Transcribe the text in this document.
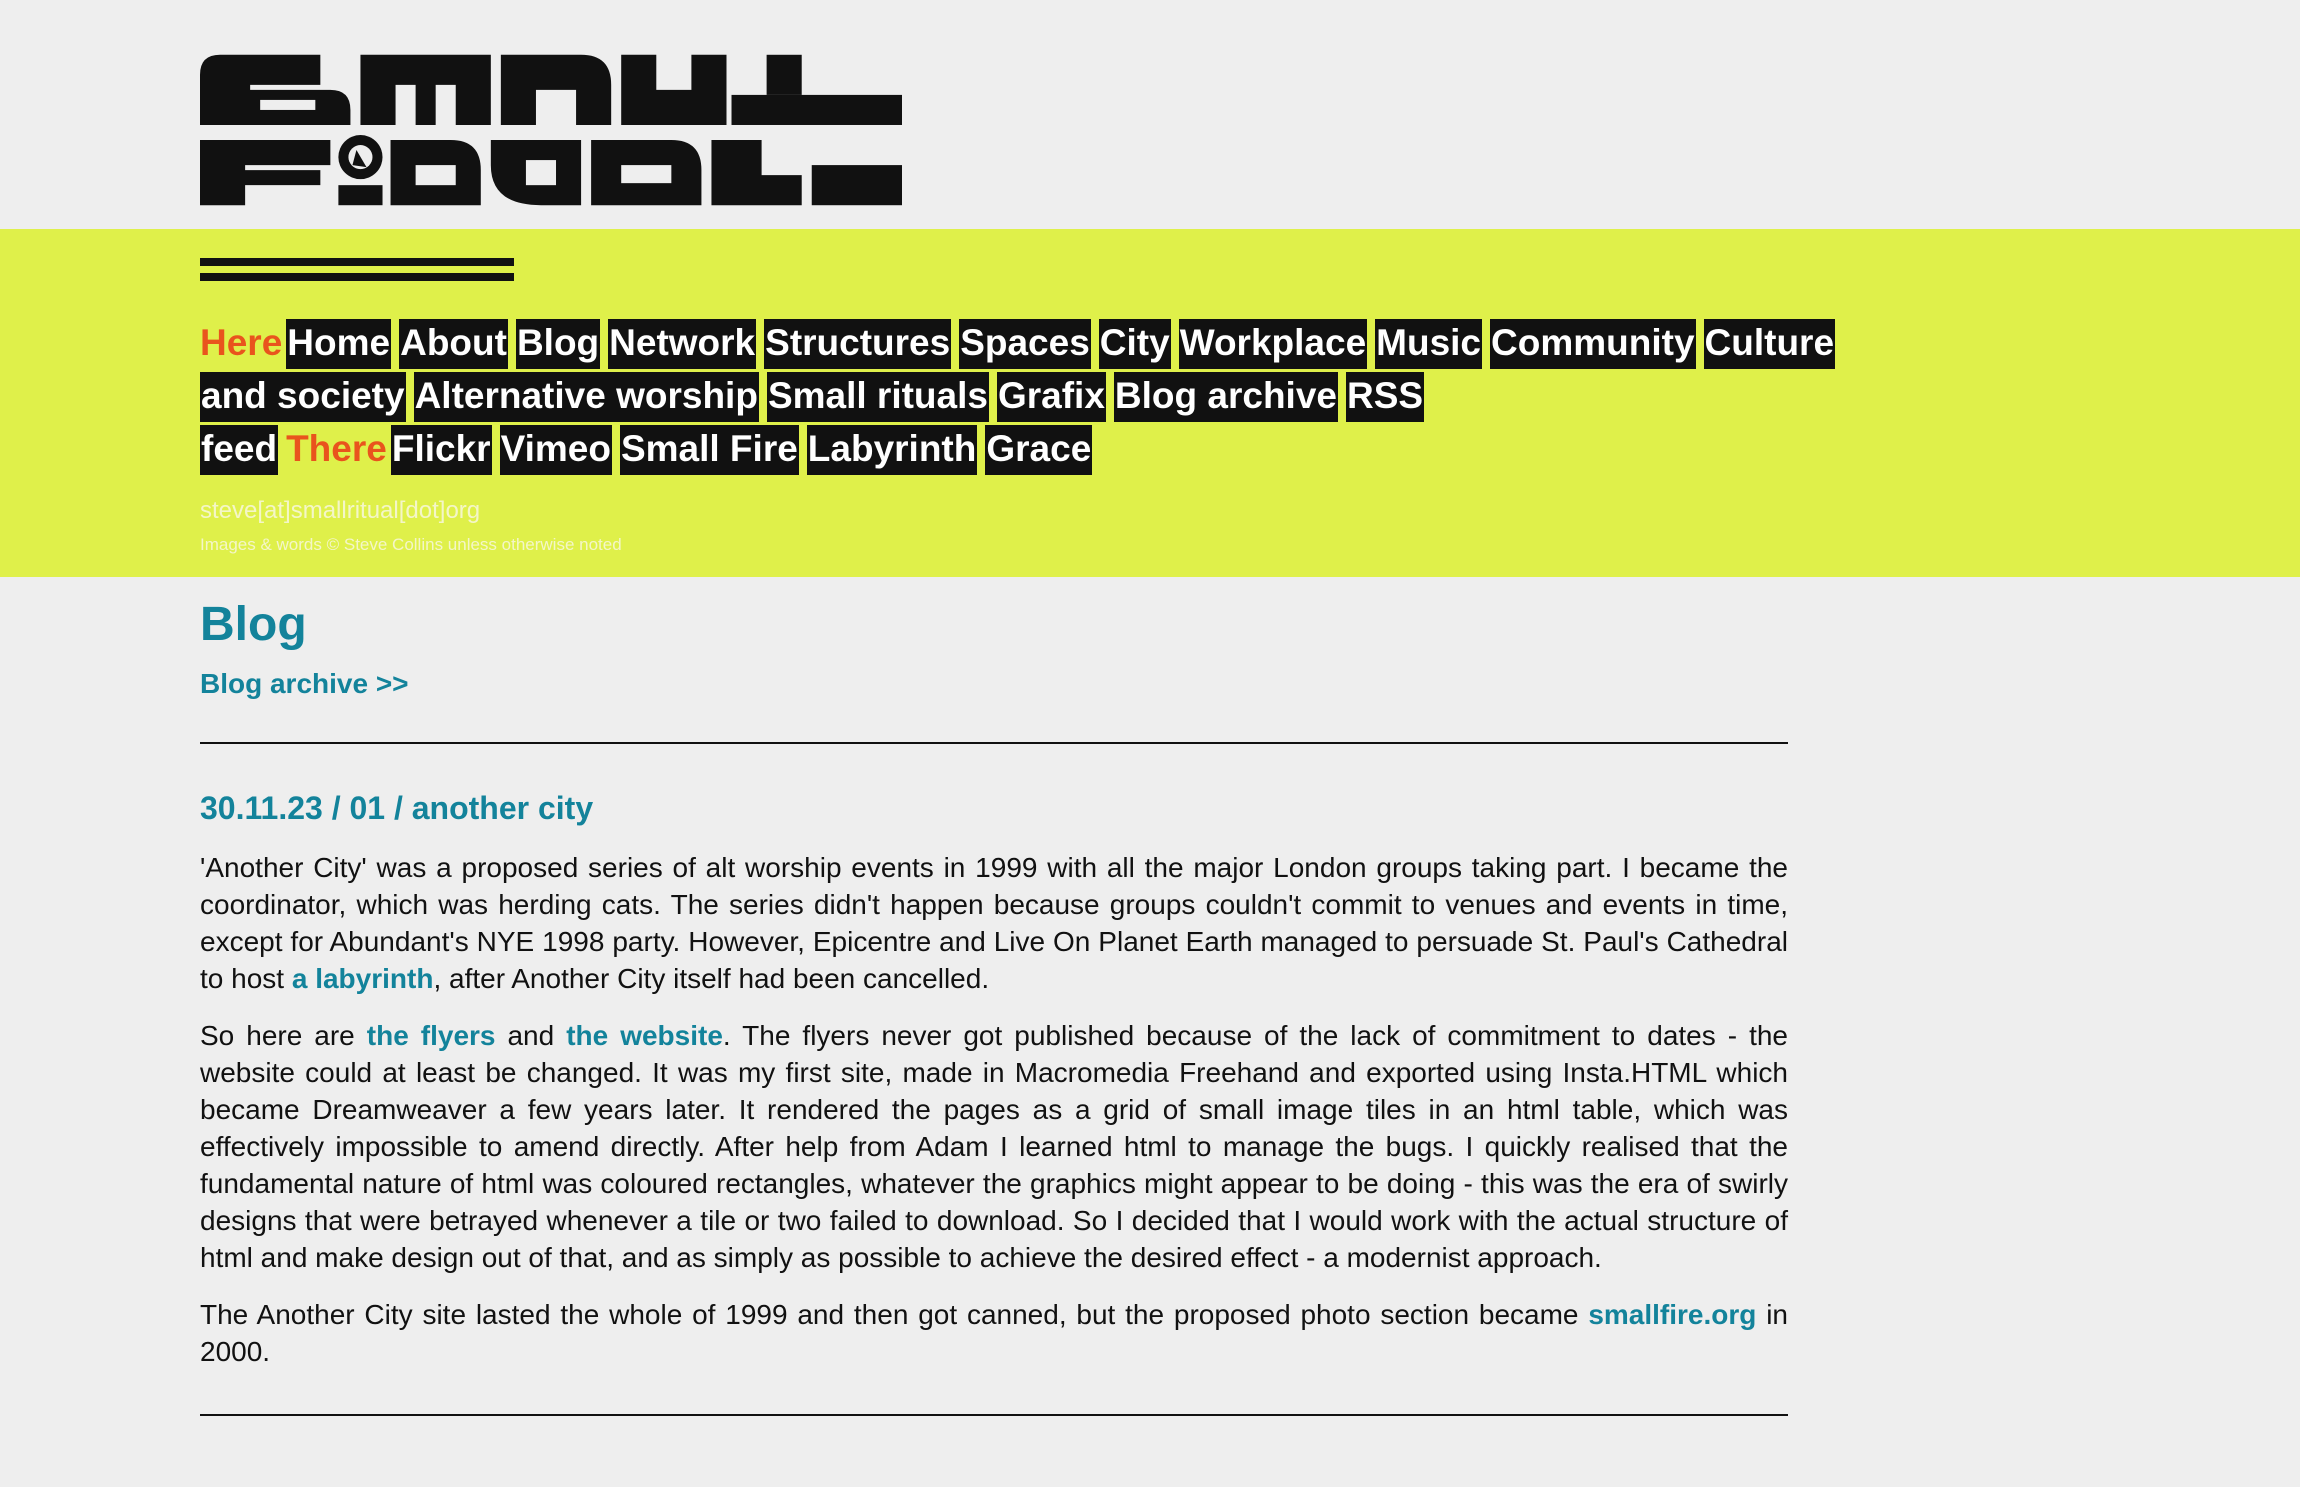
Here Home About Blog Network Structures Spaces City Workplace Music Community Culture and society Alternative worship Small rituals Grafix Blog archive RSS feed There Flickr Vimeo Small Fire Labyrinth Grace
steve[at]smallritual[dot]org
Images & words © Steve Collins unless otherwise noted
Blog
Blog archive >>
30.11.23 / 01 / another city

'Another City' was a proposed series of alt worship events in 1999 with all the major London groups taking part. I became the coordinator, which was herding cats. The series didn't happen because groups couldn't commit to venues and events in time, except for Abundant's NYE 1998 party. However, Epicentre and Live On Planet Earth managed to persuade St. Paul's Cathedral to host a labyrinth, after Another City itself had been cancelled.

So here are the flyers and the website. The flyers never got published because of the lack of commitment to dates - the website could at least be changed. It was my first site, made in Macromedia Freehand and exported using Insta.HTML which became Dreamweaver a few years later. It rendered the pages as a grid of small image tiles in an html table, which was effectively impossible to amend directly. After help from Adam I learned html to manage the bugs. I quickly realised that the fundamental nature of html was coloured rectangles, whatever the graphics might appear to be doing - this was the era of swirly designs that were betrayed whenever a tile or two failed to download. So I decided that I would work with the actual structure of html and make design out of that, and as simply as possible to achieve the desired effect - a modernist approach.

The Another City site lasted the whole of 1999 and then got canned, but the proposed photo section became smallfire.org in 2000.
